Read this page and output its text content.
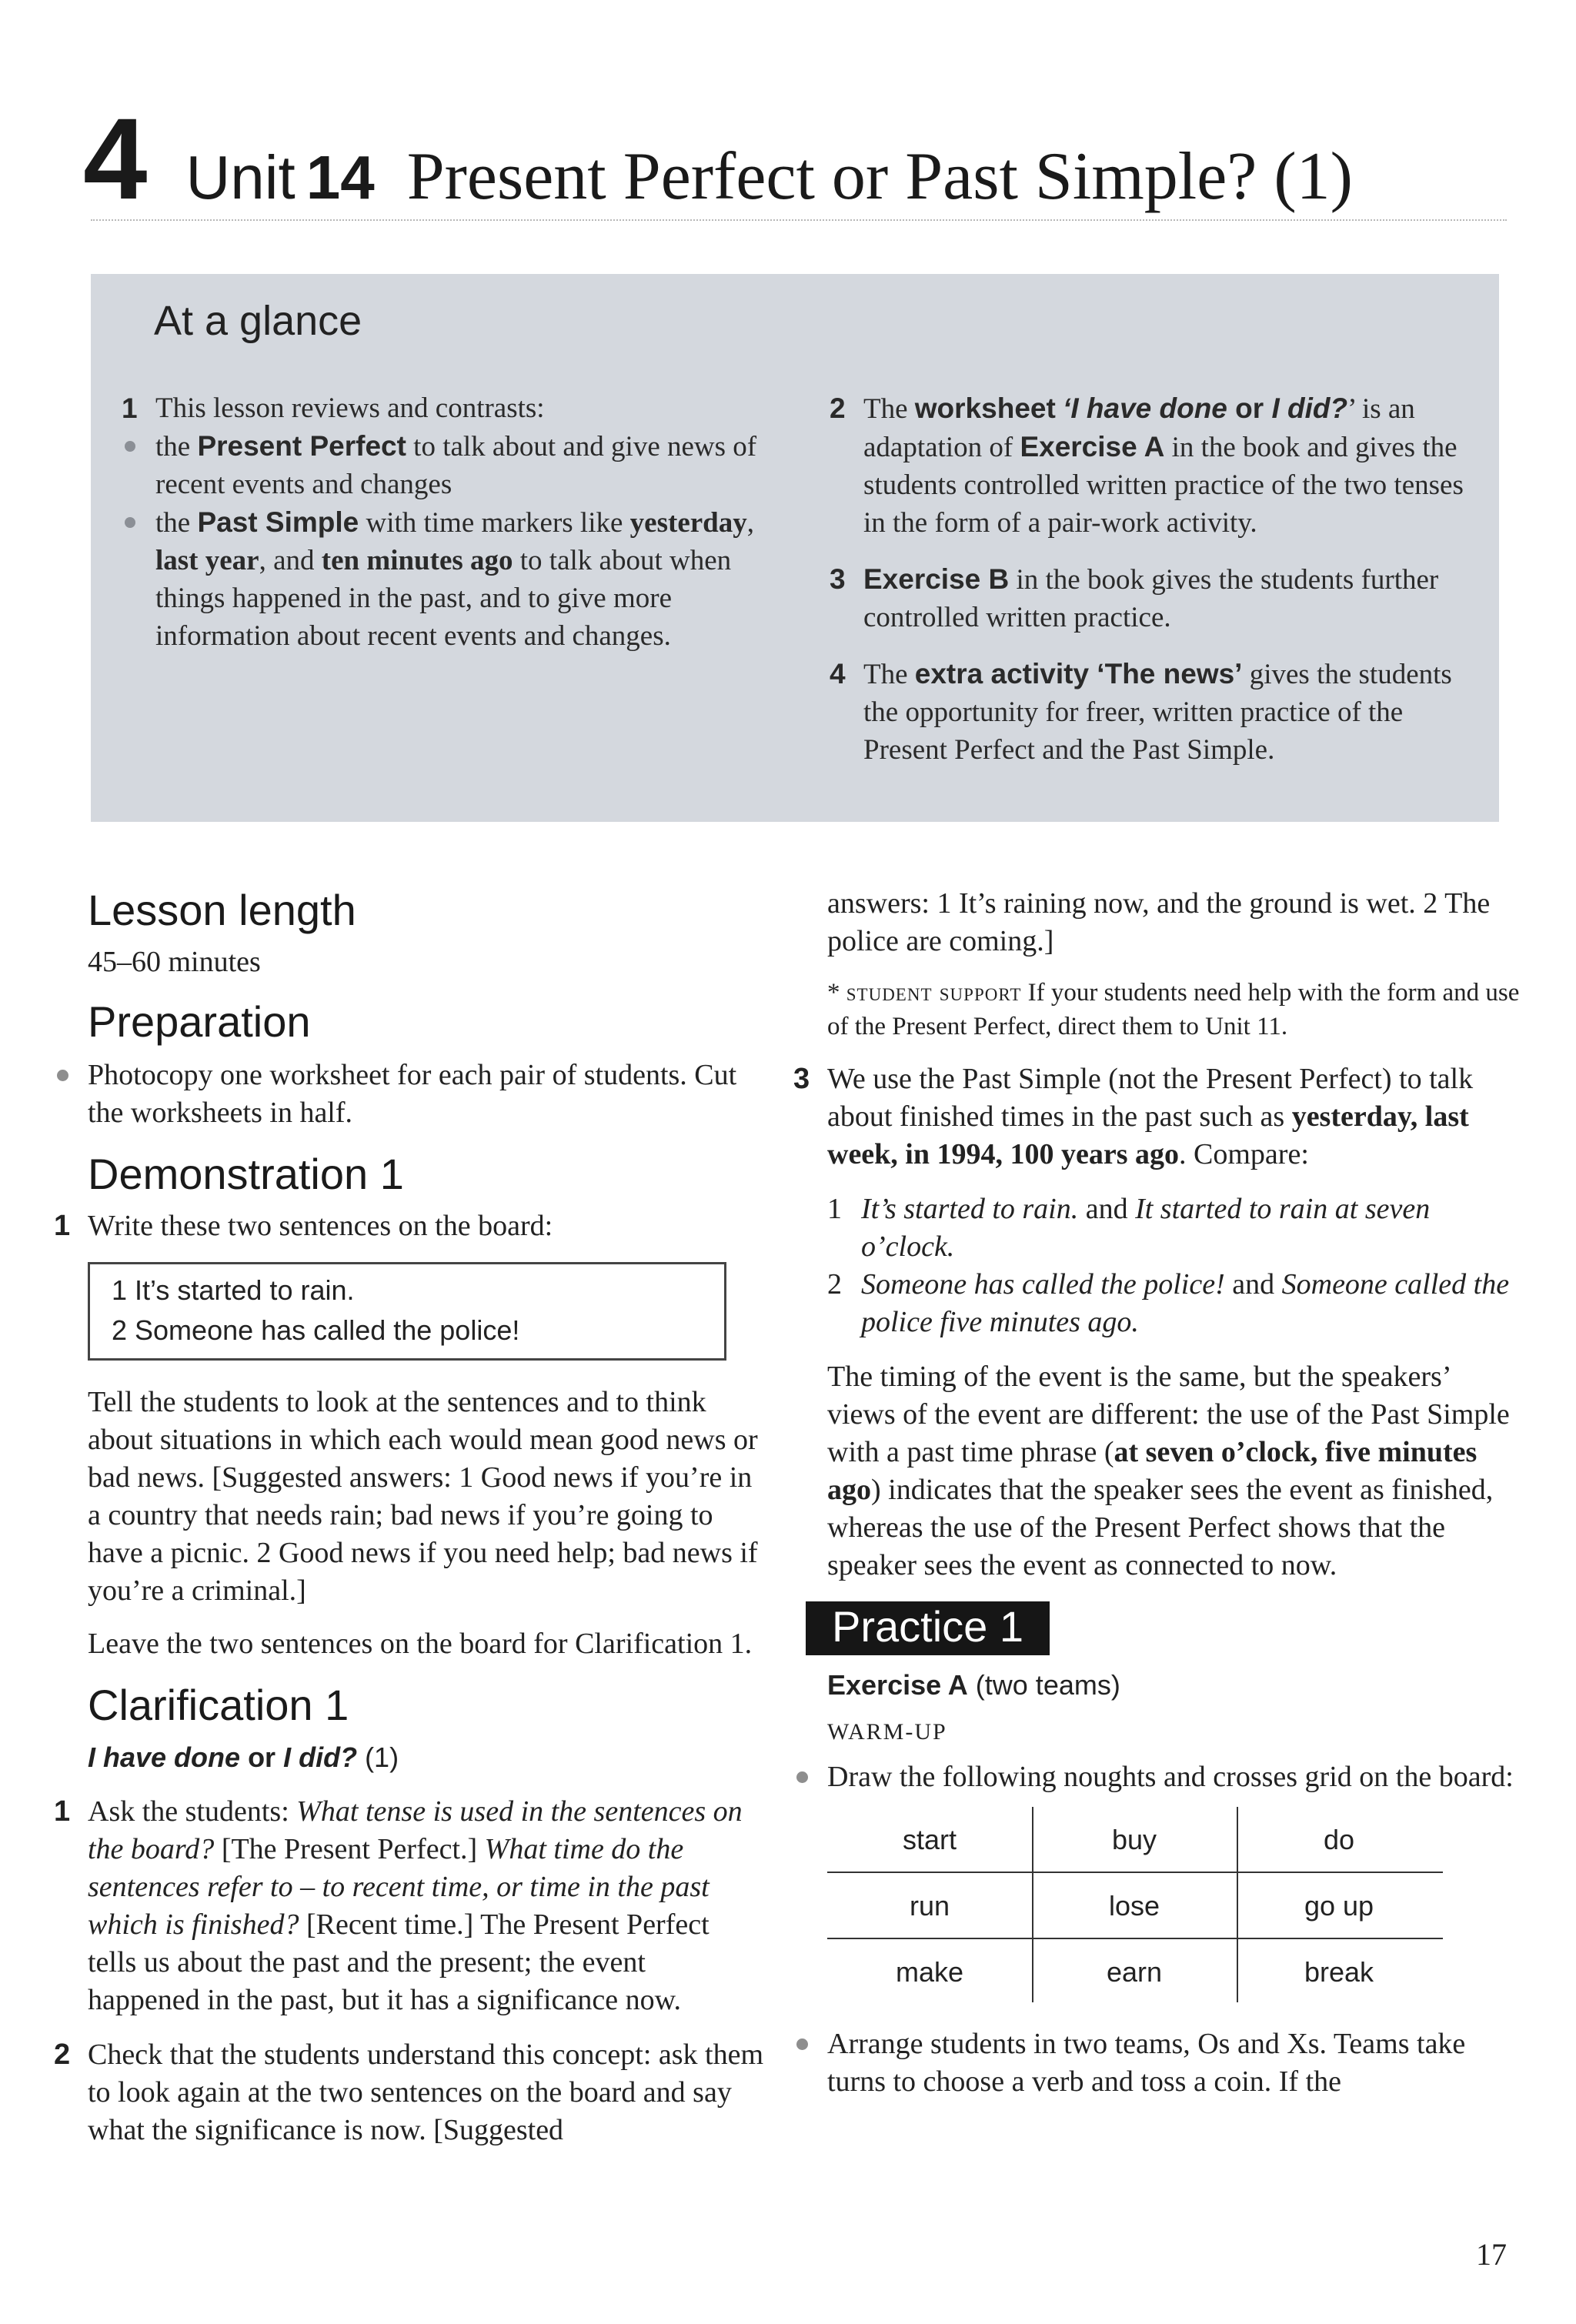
4 Unit 14 Present Perfect or Past Simple? (1)
At a glance
1 This lesson reviews and contrasts:
the Present Perfect to talk about and give news of recent events and changes
the Past Simple with time markers like yesterday, last year, and ten minutes ago to talk about when things happened in the past, and to give more information about recent events and changes.
2 The worksheet ‘I have done or I did?’ is an adaptation of Exercise A in the book and gives the students controlled written practice of the two tenses in the form of a pair-work activity.
3 Exercise B in the book gives the students further controlled written practice.
4 The extra activity ‘The news’ gives the students the opportunity for freer, written practice of the Present Perfect and the Past Simple.
Lesson length

45–60 minutes

Preparation

Photocopy one worksheet for each pair of students. Cut the worksheets in half.

Demonstration 1
1 Write these two sentences on the board:
1 It’s started to rain.
2 Someone has called the police!

Tell the students to look at the sentences and to think about situations in which each would mean good news or bad news. [Suggested answers: 1 Good news if you’re in a country that needs rain; bad news if you’re going to have a picnic. 2 Good news if you need help; bad news if you’re a criminal.]

Leave the two sentences on the board for Clarification 1.

Clarification 1
I have done or I did? (1)
1 Ask the students: What tense is used in the sentences on the board? [The Present Perfect.] What time do the sentences refer to – to recent time, or time in the past which is finished? [Recent time.] The Present Perfect tells us about the past and the present; the event happened in the past, but it has a significance now.
2 Check that the students understand this concept: ask them to look again at the two sentences on the board and say what the significance is now. [Suggested

answers: 1 It’s raining now, and the ground is wet. 2 The police are coming.]

* student support If your students need help with the form and use of the Present Perfect, direct them to Unit 11.

3 We use the Past Simple (not the Present Perfect) to talk about finished times in the past such as yesterday, last week, in 1994, 100 years ago. Compare:
1 It’s started to rain. and It started to rain at seven o’clock.
2 Someone has called the police! and Someone called the police five minutes ago.

The timing of the event is the same, but the speakers’ views of the event are different: the use of the Past Simple with a past time phrase (at seven o’clock, five minutes ago) indicates that the speaker sees the event as finished, whereas the use of the Present Perfect shows that the speaker sees the event as connected to now.

Practice 1
Exercise A (two teams)
WARM-UP

Draw the following noughts and crosses grid on the board:

start	buy	do
run	lose	go up
make	earn	break

Arrange students in two teams, Os and Xs. Teams take turns to choose a verb and toss a coin. If the

17
